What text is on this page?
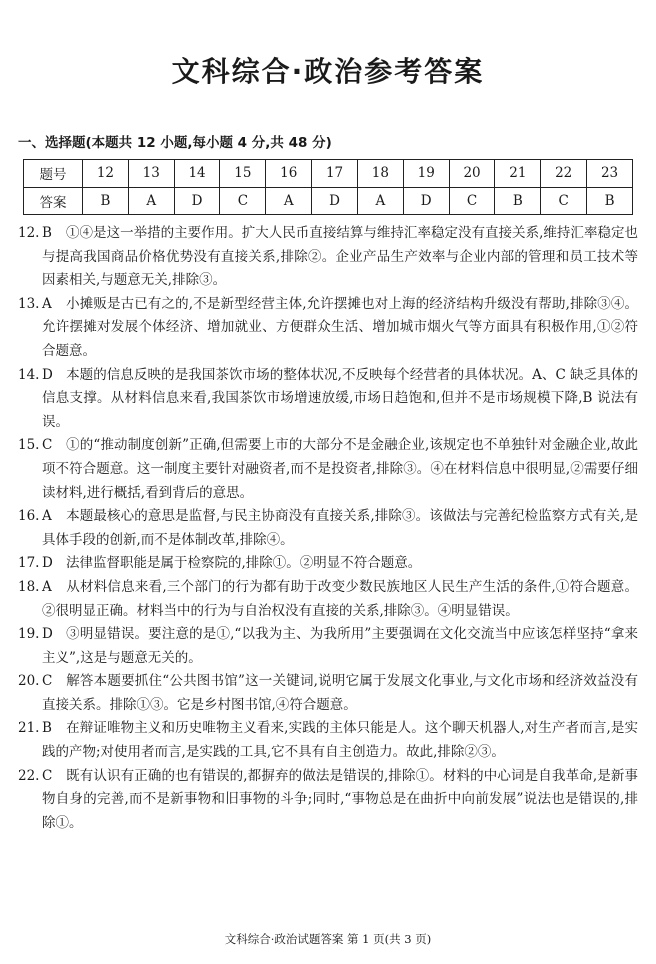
文科综合·政治参考答案
一、选择题(本题共 12 小题,每小题 4 分,共 48 分)
题号	12	13	14	15	16	17	18	19	20	21	22	23
答案	B	A	D	C	A	D	A	D	C	B	C	B
12. B ①④是这一举措的主要作用。扩大人民币直接结算与维持汇率稳定没有直接关系,维持汇率稳定也与提高我国商品价格优势没有直接关系,排除②。企业产品生产效率与企业内部的管理和员工技术等因素相关,与题意无关,排除③。
13. A 小摊贩是古已有之的,不是新型经营主体,允许摆摊也对上海的经济结构升级没有帮助,排除③④。允许摆摊对发展个体经济、增加就业、方便群众生活、增加城市烟火气等方面具有积极作用,①②符合题意。
14. D 本题的信息反映的是我国茶饮市场的整体状况,不反映每个经营者的具体状况。A、C 缺乏具体的信息支撑。从材料信息来看,我国茶饮市场增速放缓,市场日趋饱和,但并不是市场规模下降,B 说法有误。
15. C ①的“推动制度创新”正确,但需要上市的大部分不是金融企业,该规定也不单独针对金融企业,故此项不符合题意。这一制度主要针对融资者,而不是投资者,排除③。④在材料信息中很明显,②需要仔细读材料,进行概括,看到背后的意思。
16. A 本题最核心的意思是监督,与民主协商没有直接关系,排除③。该做法与完善纪检监察方式有关,是具体手段的创新,而不是体制改革,排除④。
17. D 法律监督职能是属于检察院的,排除①。②明显不符合题意。
18. A 从材料信息来看,三个部门的行为都有助于改变少数民族地区人民生产生活的条件,①符合题意。②很明显正确。材料当中的行为与自治权没有直接的关系,排除③。④明显错误。
19. D ③明显错误。要注意的是①,“以我为主、为我所用”主要强调在文化交流当中应该怎样坚持“拿来主义”,这是与题意无关的。
20. C 解答本题要抓住“公共图书馆”这一关键词,说明它属于发展文化事业,与文化市场和经济效益没有直接关系。排除①③。它是乡村图书馆,④符合题意。
21. B 在辩证唯物主义和历史唯物主义看来,实践的主体只能是人。这个聊天机器人,对生产者而言,是实践的产物;对使用者而言,是实践的工具,它不具有自主创造力。故此,排除②③。
22. C 既有认识有正确的也有错误的,都摒弃的做法是错误的,排除①。材料的中心词是自我革命,是新事物自身的完善,而不是新事物和旧事物的斗争;同时,“事物总是在曲折中向前发展”说法也是错误的,排除①。
文科综合·政治试题答案 第 1 页(共 3 页)
